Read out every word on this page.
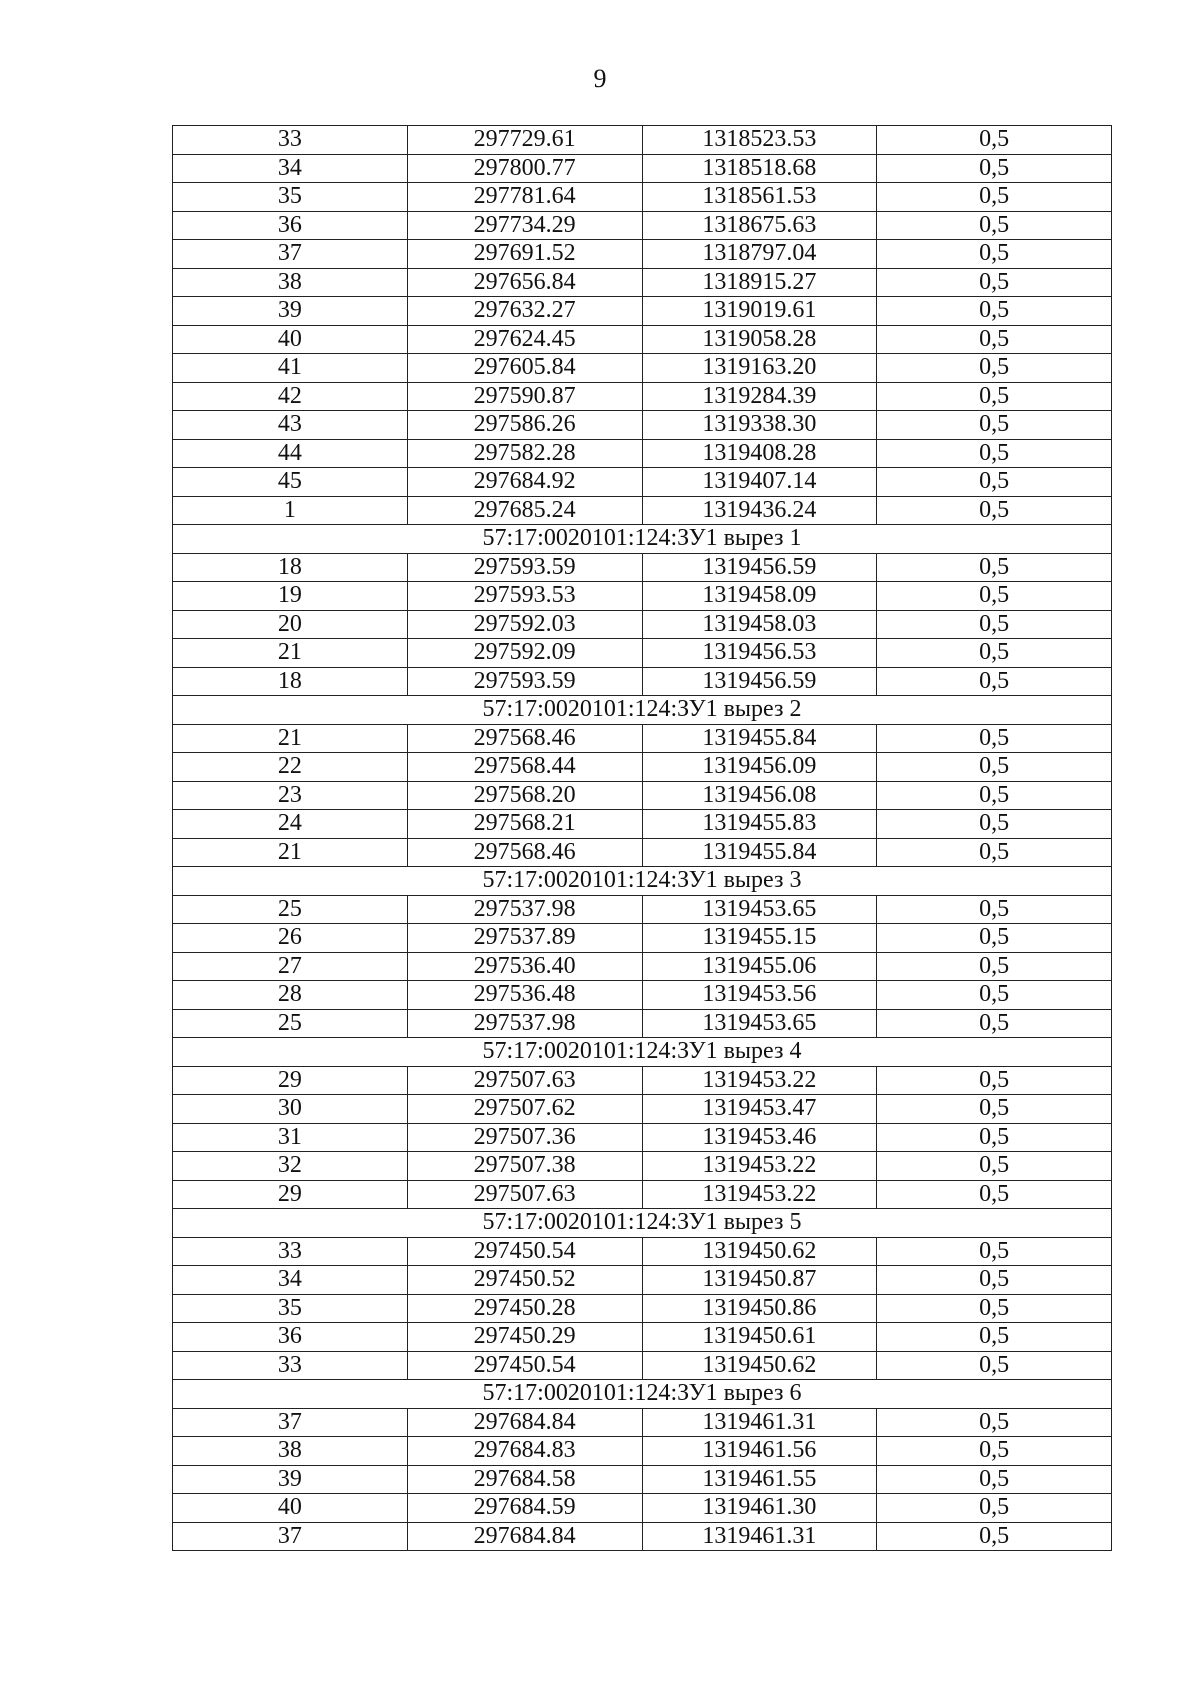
9
33	297729.61	1318523.53	0,5
34	297800.77	1318518.68	0,5
35	297781.64	1318561.53	0,5
36	297734.29	1318675.63	0,5
37	297691.52	1318797.04	0,5
38	297656.84	1318915.27	0,5
39	297632.27	1319019.61	0,5
40	297624.45	1319058.28	0,5
41	297605.84	1319163.20	0,5
42	297590.87	1319284.39	0,5
43	297586.26	1319338.30	0,5
44	297582.28	1319408.28	0,5
45	297684.92	1319407.14	0,5
1	297685.24	1319436.24	0,5
57:17:0020101:124:ЗУ1 вырез 1			
18	297593.59	1319456.59	0,5
19	297593.53	1319458.09	0,5
20	297592.03	1319458.03	0,5
21	297592.09	1319456.53	0,5
18	297593.59	1319456.59	0,5
57:17:0020101:124:ЗУ1 вырез 2			
21	297568.46	1319455.84	0,5
22	297568.44	1319456.09	0,5
23	297568.20	1319456.08	0,5
24	297568.21	1319455.83	0,5
21	297568.46	1319455.84	0,5
57:17:0020101:124:ЗУ1 вырез 3			
25	297537.98	1319453.65	0,5
26	297537.89	1319455.15	0,5
27	297536.40	1319455.06	0,5
28	297536.48	1319453.56	0,5
25	297537.98	1319453.65	0,5
57:17:0020101:124:ЗУ1 вырез 4			
29	297507.63	1319453.22	0,5
30	297507.62	1319453.47	0,5
31	297507.36	1319453.46	0,5
32	297507.38	1319453.22	0,5
29	297507.63	1319453.22	0,5
57:17:0020101:124:ЗУ1 вырез 5			
33	297450.54	1319450.62	0,5
34	297450.52	1319450.87	0,5
35	297450.28	1319450.86	0,5
36	297450.29	1319450.61	0,5
33	297450.54	1319450.62	0,5
57:17:0020101:124:ЗУ1 вырез 6			
37	297684.84	1319461.31	0,5
38	297684.83	1319461.56	0,5
39	297684.58	1319461.55	0,5
40	297684.59	1319461.30	0,5
37	297684.84	1319461.31	0,5
